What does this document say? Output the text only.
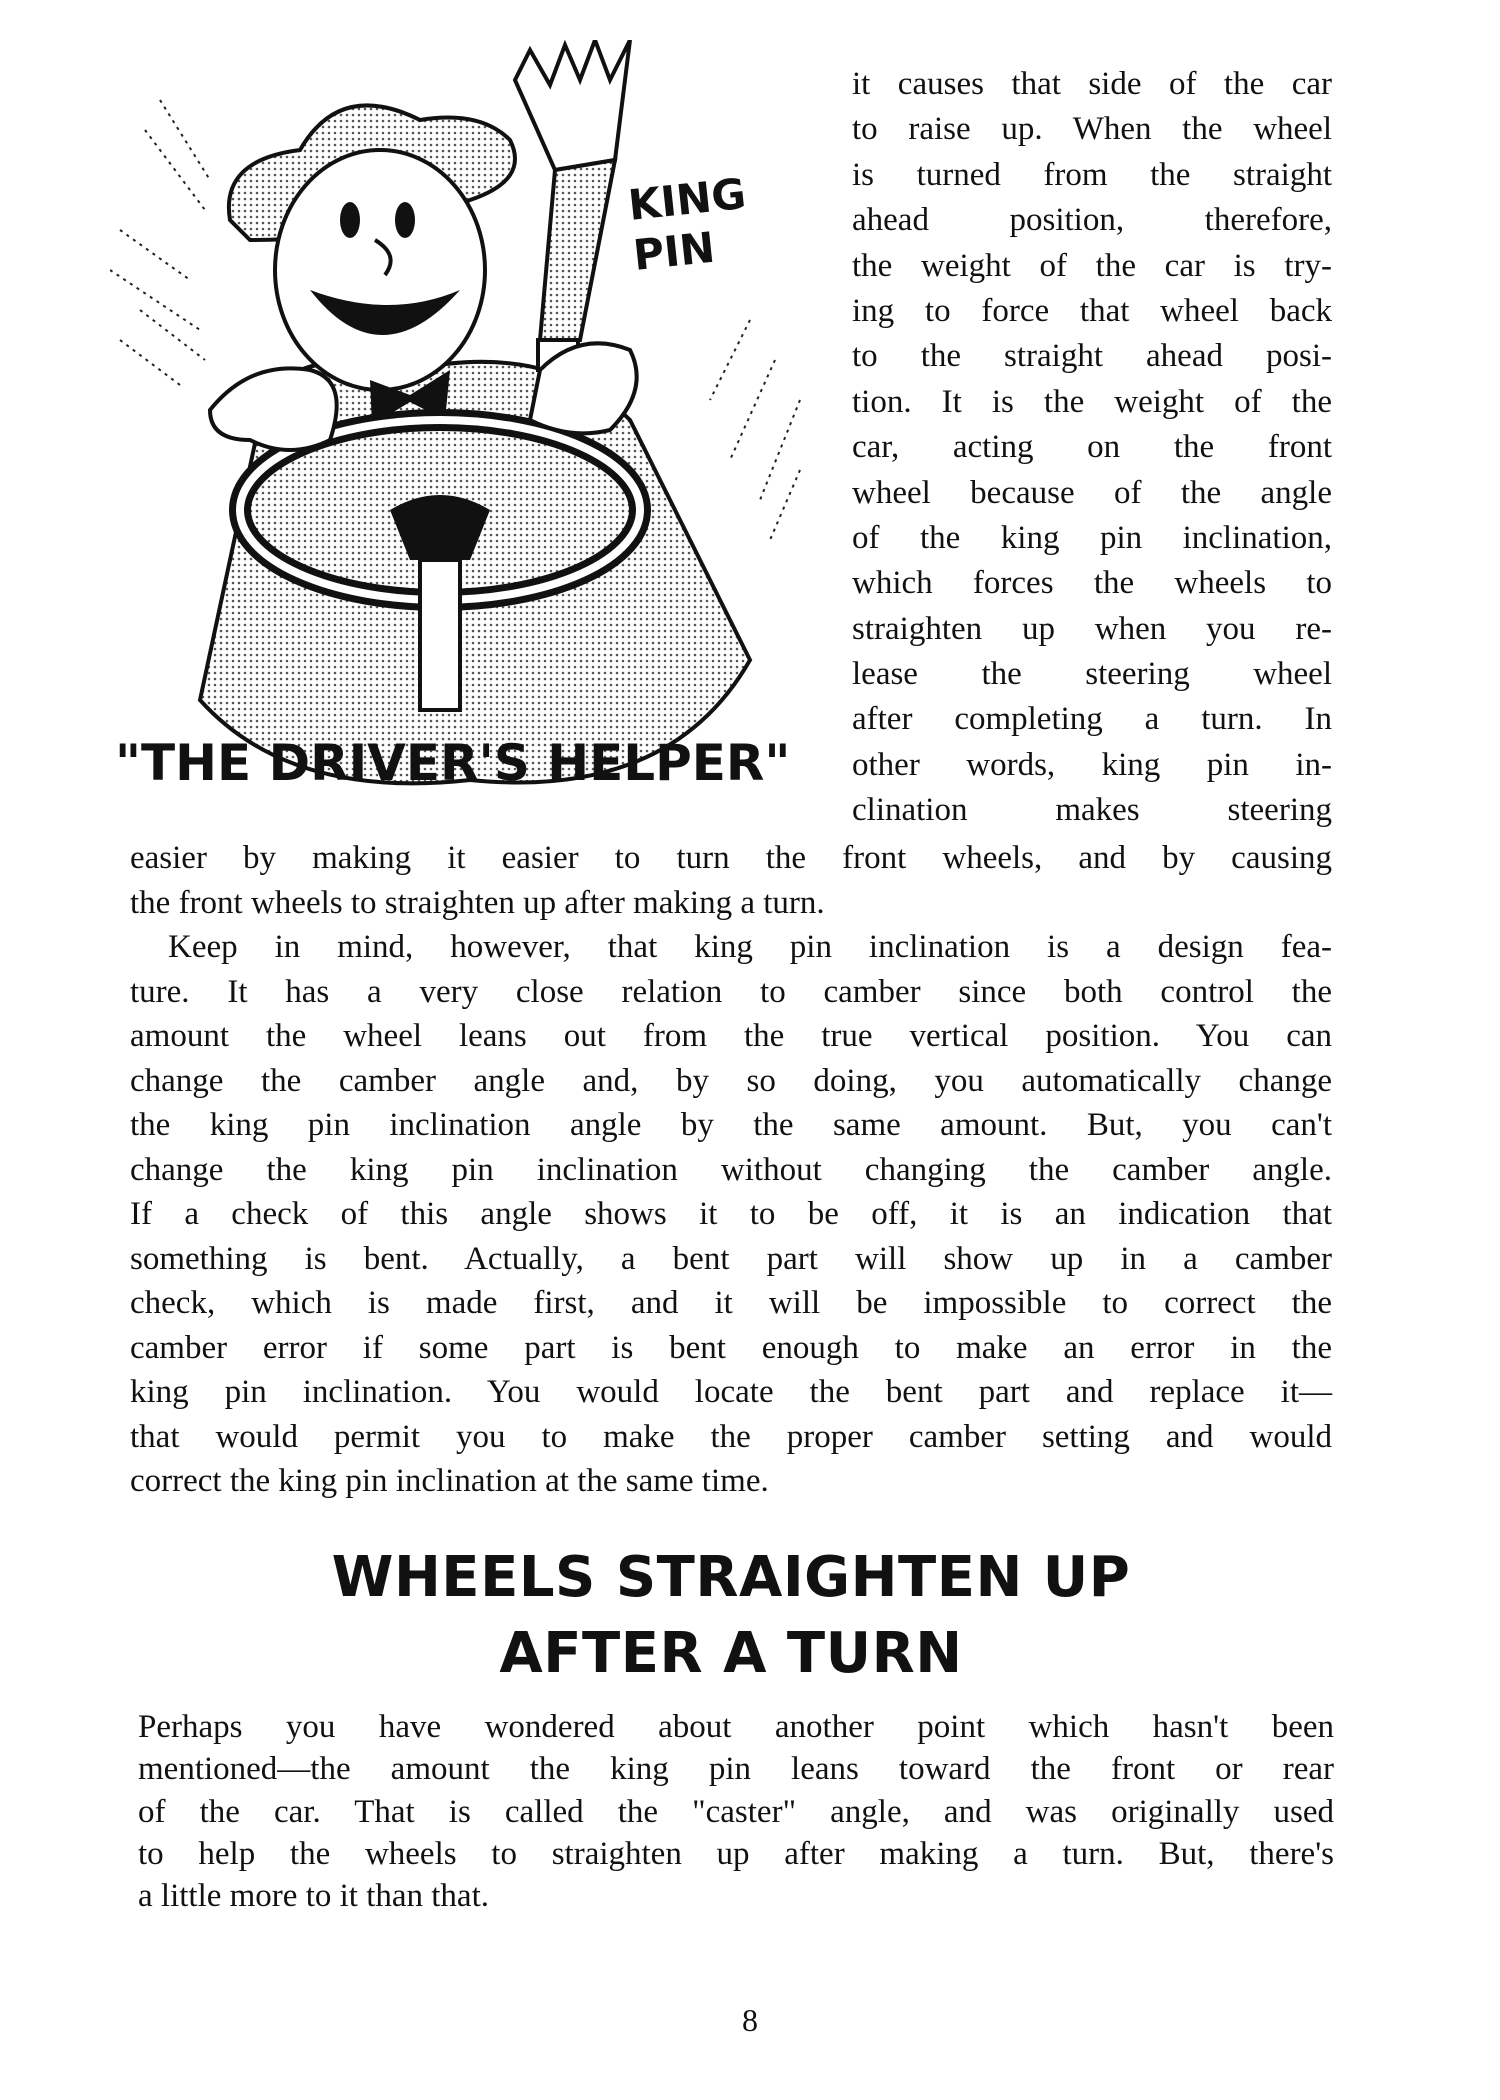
KING
PIN
"THE DRIVER'S HELPER"
it causes that side of the car
to raise up. When the wheel
is turned from the straight
ahead position, therefore,
the weight of the car is try-
ing to force that wheel back
to the straight ahead posi-
tion. It is the weight of the
car, acting on the front
wheel because of the angle
of the king pin inclination,
which forces the wheels to
straighten up when you re-
lease the steering wheel
after completing a turn. In
other words, king pin in-
clination makes steering
easier by making it easier to turn the front wheels, and by causing
the front wheels to straighten up after making a turn.
Keep in mind, however, that king pin inclination is a design fea-
ture. It has a very close relation to camber since both control the
amount the wheel leans out from the true vertical position. You can
change the camber angle and, by so doing, you automatically change
the king pin inclination angle by the same amount. But, you can't
change the king pin inclination without changing the camber angle.
If a check of this angle shows it to be off, it is an indication that
something is bent. Actually, a bent part will show up in a camber
check, which is made first, and it will be impossible to correct the
camber error if some part is bent enough to make an error in the
king pin inclination. You would locate the bent part and replace it—
that would permit you to make the proper camber setting and would
correct the king pin inclination at the same time.
WHEELS STRAIGHTEN UP
AFTER A TURN
Perhaps you have wondered about another point which hasn't been
mentioned—the amount the king pin leans toward the front or rear
of the car. That is called the "caster" angle, and was originally used
to help the wheels to straighten up after making a turn. But, there's
a little more to it than that.
8
